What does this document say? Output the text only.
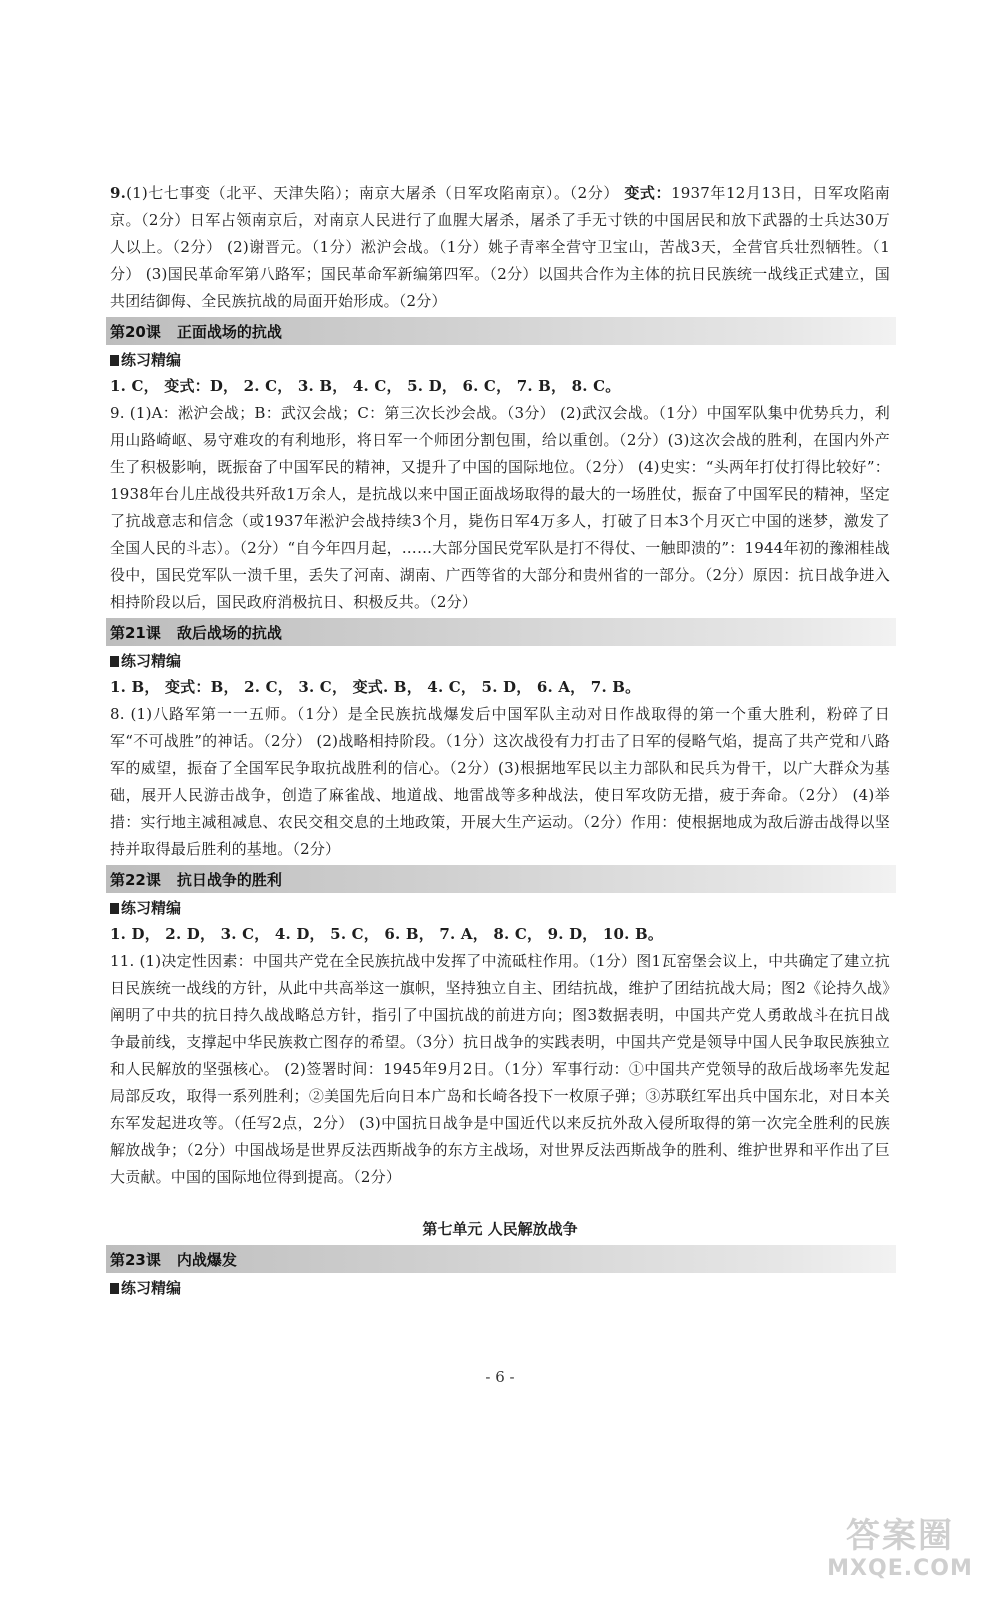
9.(1)七七事变（北平、天津失陷）；南京大屠杀（日军攻陷南京）。（2分） 变式：1937年12月13日，日军攻陷南京。（2分）日军占领南京后，对南京人民进行了血腥大屠杀，屠杀了手无寸铁的中国居民和放下武器的士兵达30万人以上。（2分） (2)谢晋元。（1分）淞沪会战。（1分）姚子青率全营守卫宝山，苦战3天，全营官兵壮烈牺牲。（1分） (3)国民革命军第八路军；国民革命军新编第四军。（2分）以国共合作为主体的抗日民族统一战线正式建立，国共团结御侮、全民族抗战的局面开始形成。（2分）

第20课 正面战场的抗战
练习精编

1. C， 变式：D， 2. C， 3. B， 4. C， 5. D， 6. C， 7. B， 8. C。

9. (1)A：淞沪会战；B：武汉会战；C：第三次长沙会战。（3分） (2)武汉会战。（1分）中国军队集中优势兵力，利用山路崎岖、易守难攻的有利地形，将日军一个师团分割包围，给以重创。（2分）(3)这次会战的胜利，在国内外产生了积极影响，既振奋了中国军民的精神，又提升了中国的国际地位。（2分） (4)史实：“头两年打仗打得比较好”：1938年台儿庄战役共歼敌1万余人，是抗战以来中国正面战场取得的最大的一场胜仗，振奋了中国军民的精神，坚定了抗战意志和信念（或1937年淞沪会战持续3个月，毙伤日军4万多人，打破了日本3个月灭亡中国的迷梦，激发了全国人民的斗志）。（2分）“自今年四月起，……大部分国民党军队是打不得仗、一触即溃的”：1944年初的豫湘桂战役中，国民党军队一溃千里，丢失了河南、湖南、广西等省的大部分和贵州省的一部分。（2分）原因：抗日战争进入相持阶段以后，国民政府消极抗日、积极反共。（2分）

第21课 敌后战场的抗战
练习精编

1. B， 变式：B， 2. C， 3. C， 变式. B， 4. C， 5. D， 6. A， 7. B。

8. (1)八路军第一一五师。（1分）是全民族抗战爆发后中国军队主动对日作战取得的第一个重大胜利，粉碎了日军“不可战胜”的神话。（2分） (2)战略相持阶段。（1分）这次战役有力打击了日军的侵略气焰，提高了共产党和八路军的威望，振奋了全国军民争取抗战胜利的信心。（2分）(3)根据地军民以主力部队和民兵为骨干，以广大群众为基础，展开人民游击战争，创造了麻雀战、地道战、地雷战等多种战法，使日军攻防无措，疲于奔命。（2分） (4)举措：实行地主减租减息、农民交租交息的土地政策，开展大生产运动。（2分）作用：使根据地成为敌后游击战得以坚持并取得最后胜利的基地。（2分）

第22课 抗日战争的胜利
练习精编

1. D， 2. D， 3. C， 4. D， 5. C， 6. B， 7. A， 8. C， 9. D， 10. B。

11. (1)决定性因素：中国共产党在全民族抗战中发挥了中流砥柱作用。（1分）图1瓦窑堡会议上，中共确定了建立抗日民族统一战线的方针，从此中共高举这一旗帜，坚持独立自主、团结抗战，维护了团结抗战大局；图2《论持久战》阐明了中共的抗日持久战战略总方针，指引了中国抗战的前进方向；图3数据表明，中国共产党人勇敢战斗在抗日战争最前线，支撑起中华民族救亡图存的希望。（3分）抗日战争的实践表明，中国共产党是领导中国人民争取民族独立和人民解放的坚强核心。 (2)签署时间：1945年9月2日。（1分）军事行动：①中国共产党领导的敌后战场率先发起局部反攻，取得一系列胜利；②美国先后向日本广岛和长崎各投下一枚原子弹；③苏联红军出兵中国东北，对日本关东军发起进攻等。（任写2点，2分） (3)中国抗日战争是中国近代以来反抗外敌入侵所取得的第一次完全胜利的民族解放战争；（2分）中国战场是世界反法西斯战争的东方主战场，对世界反法西斯战争的胜利、维护世界和平作出了巨大贡献。中国的国际地位得到提高。（2分）

第七单元 人民解放战争
第23课 内战爆发
练习精编
- 6 -
答案圈
MXQE.COM
